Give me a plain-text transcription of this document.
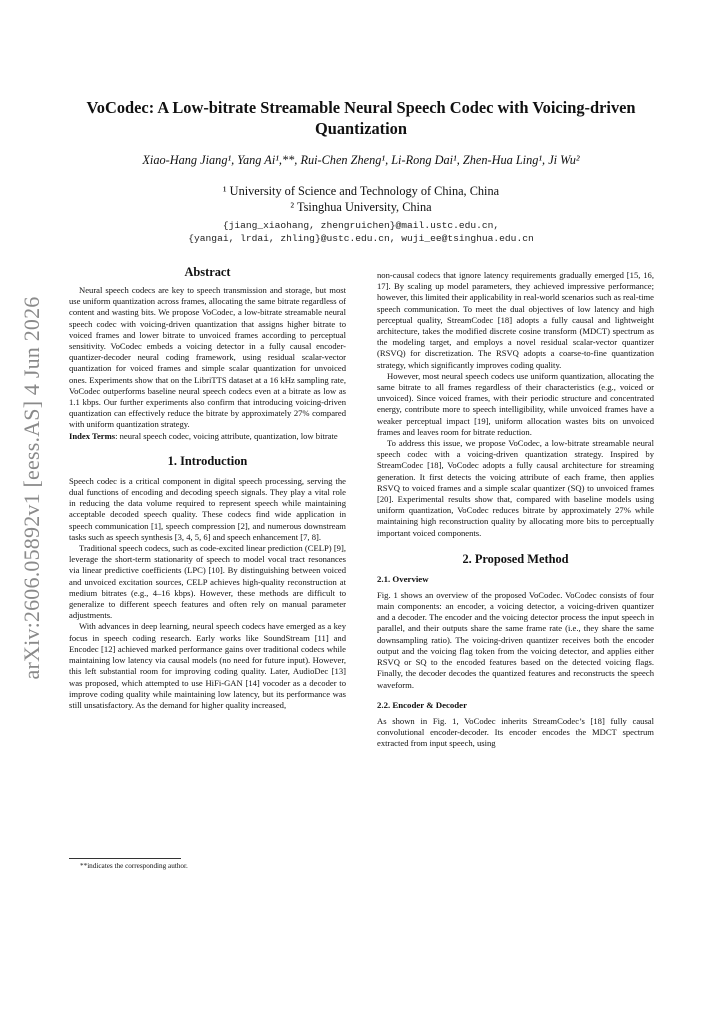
arXiv:2606.05892v1 [eess.AS] 4 Jun 2026
VoCodec: A Low-bitrate Streamable Neural Speech Codec with Voicing-driven Quantization

Xiao-Hang Jiang¹, Yang Ai¹,**, Rui-Chen Zheng¹, Li-Rong Dai¹, Zhen-Hua Ling¹, Ji Wu²

¹ University of Science and Technology of China, China

² Tsinghua University, China

{jiang_xiaohang, zhengruichen}@mail.ustc.edu.cn,
{yangai, lrdai, zhling}@ustc.edu.cn, wuji_ee@tsinghua.edu.cn
Abstract

Neural speech codecs are key to speech transmission and storage, but most use uniform quantization across frames, allocating the same bitrate regardless of content and wasting bits. We propose VoCodec, a low-bitrate streamable neural speech codec with voicing-driven quantization that assigns higher bitrate to voiced frames and lower bitrate to unvoiced frames according to perceptual sensitivity. VoCodec embeds a voicing detector in a fully causal encoder-quantizer-decoder neural coding framework, using residual scalar-vector quantization for voiced frames and simple scalar quantization for unvoiced ones. Experiments show that on the LibriTTS dataset at a 16 kHz sampling rate, VoCodec outperforms baseline neural speech codecs even at a bitrate as low as 1.1 kbps. Our further experiments also confirm that introducing voicing-driven quantization can effectively reduce the bitrate by approximately 27% compared with uniform quantization strategy.

Index Terms: neural speech codec, voicing attribute, quantization, low bitrate

1. Introduction

Speech codec is a critical component in digital speech processing, serving the dual functions of encoding and decoding speech signals. They play a vital role in reducing the data volume required to represent speech while maintaining acceptable decoded speech quality. These codecs find wide application in speech communication [1], speech compression [2], and numerous downstream tasks such as speech synthesis [3, 4, 5, 6] and speech enhancement [7, 8].

Traditional speech codecs, such as code-excited linear prediction (CELP) [9], leverage the short-term stationarity of speech to model vocal tract resonances via linear predictive coefficients (LPC) [10]. By distinguishing between voiced and unvoiced excitation sources, CELP achieves high-quality reconstruction at medium bitrates (e.g., 4–16 kbps). However, these methods are difficult to generalize to different speech features and often rely on manual parameter adjustments.

With advances in deep learning, neural speech codecs have emerged as a key focus in speech coding research. Early works like SoundStream [11] and Encodec [12] achieved marked performance gains over traditional codecs while maintaining low latency via causal models (no need for future input). However, this left substantial room for improving coding quality. Later, AudioDec [13] was proposed, which attempted to use HiFi-GAN [14] vocoder as a decoder to improve coding quality while maintaining low latency, but its performance was still unsatisfactory. As the demand for higher quality increased,

**indicates the corresponding author.

non-causal codecs that ignore latency requirements gradually emerged [15, 16, 17]. By scaling up model parameters, they achieved impressive performance; however, this limited their applicability in real-world scenarios such as real-time speech communication. To meet the dual objectives of low latency and high perceptual quality, StreamCodec [18] adopts a fully causal and lightweight architecture, takes the modified discrete cosine transform (MDCT) spectrum as the modeling target, and employs a novel residual scalar-vector quantizer (RSVQ) for discretization. The RSVQ adopts a coarse-to-fine quantization strategy, which significantly improves coding quality.

However, most neural speech codecs use uniform quantization, allocating the same bitrate to all frames regardless of their characteristics (e.g., voiced or unvoiced). Since voiced frames, with their periodic structure and concentrated energy, contribute more to speech intelligibility, while unvoiced frames have a weaker perceptual impact [19], uniform allocation wastes bits on unvoiced frames and leaves room for bitrate reduction.

To address this issue, we propose VoCodec, a low-bitrate streamable neural speech codec with a voicing-driven quantization strategy. Inspired by StreamCodec [18], VoCodec adopts a fully causal architecture for streaming generation. It first detects the voicing attribute of each frame, then applies RSVQ to voiced frames and a simple scalar quantizer (SQ) to unvoiced frames [20]. Experimental results show that, compared with baseline models using uniform quantization, VoCodec reduces bitrate by approximately 27% while maintaining high reconstruction quality by allocating more bits to perceptually important voiced components.

2. Proposed Method
2.1. Overview

Fig. 1 shows an overview of the proposed VoCodec. VoCodec consists of four main components: an encoder, a voicing detector, a voicing-driven quantizer and a decoder. The encoder and the voicing detector process the input speech in parallel, and their outputs share the same frame rate (i.e., they share the same downsampling ratio). The voicing-driven quantizer receives both the encoder output and the voicing flag token from the voicing detector, and applies either RSVQ or SQ to the encoded features based on the detected voicing flags. Finally, the decoder decodes the quantized features and reconstructs the speech waveform.

2.2. Encoder & Decoder

As shown in Fig. 1, VoCodec inherits StreamCodec’s [18] fully causal convolutional encoder-decoder. Its encoder encodes the MDCT spectrum extracted from input speech, using
